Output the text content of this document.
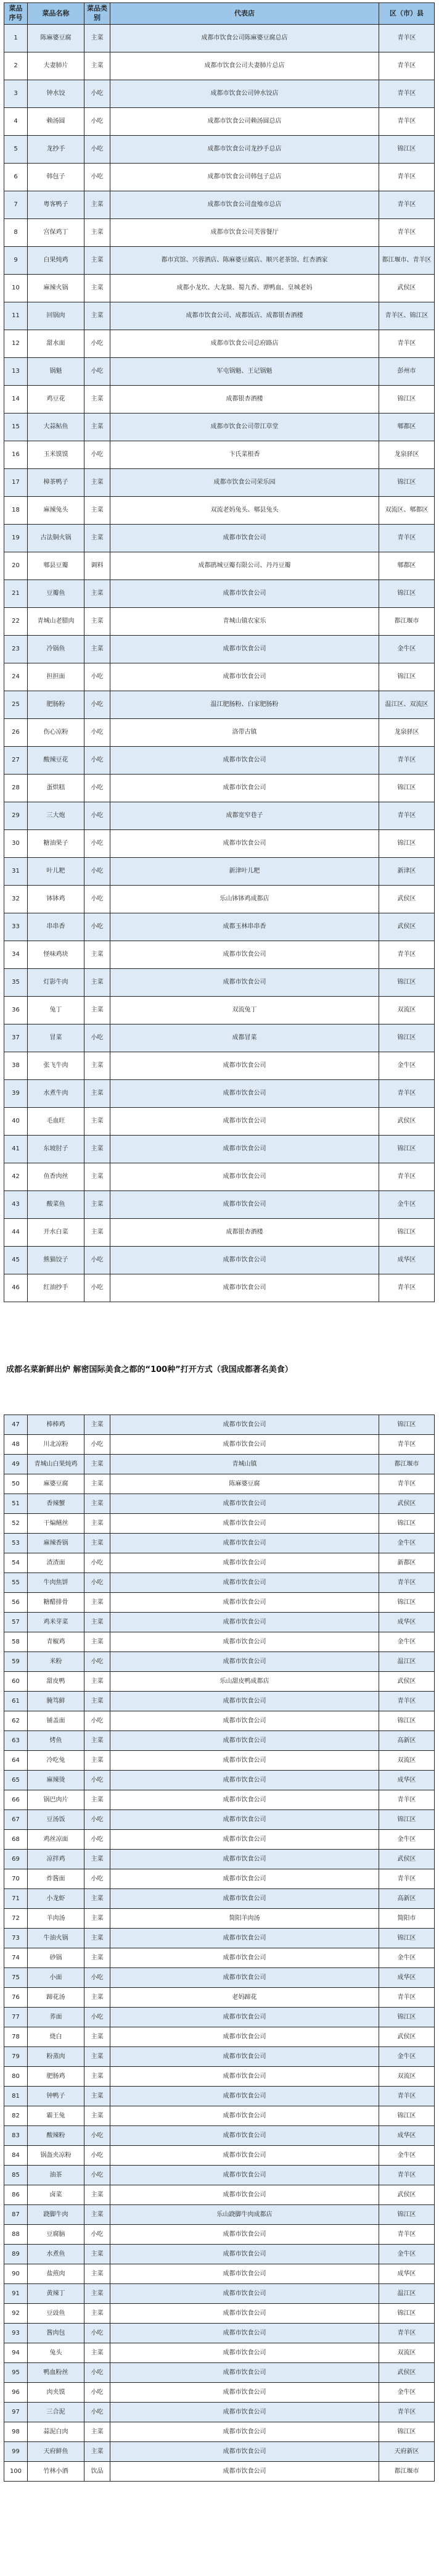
菜品序号	菜品名称	菜品类别	代表店	区（市）县
1	陈麻婆豆腐	主菜	成都市饮食公司陈麻婆豆腐总店	青羊区
2	夫妻肺片	主菜	成都市饮食公司夫妻肺片总店	青羊区
3	钟水饺	小吃	成都市饮食公司钟水饺店	青羊区
4	赖汤圆	小吃	成都市饮食公司赖汤圆总店	青羊区
5	龙抄手	小吃	成都市饮食公司龙抄手总店	锦江区
6	韩包子	小吃	成都市饮食公司韩包子总店	青羊区
7	粤客鸭子	主菜	成都市饮食公司盘飧市总店	青羊区
8	宫保鸡丁	主菜	成都市饮食公司芙蓉餐厅	青羊区
9	白果炖鸡	主菜	都市宾馆、兴蓉酒店、陈麻婆豆腐店、顺兴老茶馆、红杏酒家	都江堰市、青羊区
10	麻辣火锅	主菜	成都小龙坎、大龙燚、蜀九香、谭鸭血、皇城老妈	武侯区
11	回锅肉	主菜	成都市饮食公司、成都饭店、成都银杏酒楼	青羊区、锦江区
12	甜水面	小吃	成都市饮食公司总府路店	青羊区
13	锅魁	小吃	军屯锅魁、王记锅魁	彭州市
14	鸡豆花	主菜	成都银杏酒楼	锦江区
15	大蒜鲇鱼	主菜	成都市饮食公司带江草堂	郫都区
16	玉米馍馍	小吃	卞氏菜根香	龙泉驿区
17	樟茶鸭子	主菜	成都市饮食公司荣乐园	锦江区
18	麻辣兔头	主菜	双流老妈兔头、郫县兔头	双流区、郫都区
19	古法铜火锅	主菜	成都市饮食公司	青羊区
20	郫县豆瓣	调料	成都鹃城豆瓣有限公司、丹丹豆瓣	郫都区
21	豆瓣鱼	主菜	成都市饮食公司	锦江区
22	青城山老腊肉	主菜	青城山镇农家乐	都江堰市
23	冷锅鱼	主菜	成都市饮食公司	金牛区
24	担担面	小吃	成都市饮食公司	锦江区
25	肥肠粉	小吃	温江肥肠粉、白家肥肠粉	温江区、双流区
26	伤心凉粉	小吃	洛带古镇	龙泉驿区
27	酸辣豆花	小吃	成都市饮食公司	青羊区
28	蛋烘糕	小吃	成都市饮食公司	锦江区
29	三大炮	小吃	成都宽窄巷子	青羊区
30	糖油果子	小吃	成都市饮食公司	锦江区
31	叶儿粑	小吃	新津叶儿粑	新津区
32	钵钵鸡	小吃	乐山钵钵鸡成都店	武侯区
33	串串香	小吃	成都玉林串串香	武侯区
34	怪味鸡块	主菜	成都市饮食公司	青羊区
35	灯影牛肉	主菜	成都市饮食公司	锦江区
36	兔丁	主菜	双流兔丁	双流区
37	冒菜	小吃	成都冒菜	锦江区
38	张飞牛肉	主菜	成都市饮食公司	金牛区
39	水煮牛肉	主菜	成都市饮食公司	青羊区
40	毛血旺	主菜	成都市饮食公司	武侯区
41	东坡肘子	主菜	成都市饮食公司	锦江区
42	鱼香肉丝	主菜	成都市饮食公司	青羊区
43	酸菜鱼	主菜	成都市饮食公司	金牛区
44	开水白菜	主菜	成都银杏酒楼	锦江区
45	熊猫饺子	小吃	成都市饮食公司	成华区
46	红油抄手	小吃	成都市饮食公司	青羊区
成都名菜新鲜出炉 解密国际美食之都的“100种”打开方式（我国成都著名美食）
47	棒棒鸡	主菜	成都市饮食公司	锦江区
48	川北凉粉	小吃	成都市饮食公司	青羊区
49	青城山白果炖鸡	主菜	青城山镇	都江堰市
50	麻婆豆腐	主菜	陈麻婆豆腐	青羊区
51	香辣蟹	主菜	成都市饮食公司	武侯区
52	干煸鳝丝	主菜	成都市饮食公司	锦江区
53	麻辣香锅	主菜	成都市饮食公司	金牛区
54	渣渣面	小吃	成都市饮食公司	新都区
55	牛肉焦饼	小吃	成都市饮食公司	青羊区
56	糖醋排骨	主菜	成都市饮食公司	锦江区
57	鸡米芽菜	主菜	成都市饮食公司	成华区
58	青椒鸡	主菜	成都市饮食公司	金牛区
59	米粉	小吃	成都市饮食公司	温江区
60	甜皮鸭	主菜	乐山甜皮鸭成都店	武侯区
61	腌笃鲜	主菜	成都市饮食公司	青羊区
62	铺盖面	小吃	成都市饮食公司	锦江区
63	烤鱼	主菜	成都市饮食公司	高新区
64	冷吃兔	主菜	成都市饮食公司	双流区
65	麻辣烫	小吃	成都市饮食公司	成华区
66	锅巴肉片	主菜	成都市饮食公司	青羊区
67	豆汤饭	小吃	成都市饮食公司	锦江区
68	鸡丝凉面	小吃	成都市饮食公司	金牛区
69	凉拌鸡	主菜	成都市饮食公司	武侯区
70	炸酱面	小吃	成都市饮食公司	青羊区
71	小龙虾	主菜	成都市饮食公司	高新区
72	羊肉汤	主菜	简阳羊肉汤	简阳市
73	牛油火锅	主菜	成都市饮食公司	锦江区
74	砂锅	主菜	成都市饮食公司	金牛区
75	小面	小吃	成都市饮食公司	成华区
76	蹄花汤	主菜	老妈蹄花	青羊区
77	荞面	小吃	成都市饮食公司	锦江区
78	烧白	主菜	成都市饮食公司	武侯区
79	粉蒸肉	主菜	成都市饮食公司	金牛区
80	肥肠鸡	主菜	成都市饮食公司	双流区
81	钟鸭子	主菜	成都市饮食公司	青羊区
82	霸王兔	主菜	成都市饮食公司	锦江区
83	酸辣粉	小吃	成都市饮食公司	成华区
84	锅盔夹凉粉	小吃	成都市饮食公司	金牛区
85	油茶	小吃	成都市饮食公司	青羊区
86	卤菜	主菜	成都市饮食公司	武侯区
87	跷脚牛肉	主菜	乐山跷脚牛肉成都店	锦江区
88	豆腐脑	小吃	成都市饮食公司	青羊区
89	水煮鱼	主菜	成都市饮食公司	金牛区
90	盐煎肉	主菜	成都市饮食公司	成华区
91	黄辣丁	主菜	成都市饮食公司	温江区
92	豆豉鱼	主菜	成都市饮食公司	锦江区
93	酱肉包	小吃	成都市饮食公司	青羊区
94	兔头	主菜	成都市饮食公司	双流区
95	鸭血粉丝	小吃	成都市饮食公司	武侯区
96	肉夹馍	小吃	成都市饮食公司	金牛区
97	三合泥	小吃	成都市饮食公司	青羊区
98	蒜泥白肉	主菜	成都市饮食公司	锦江区
99	天府鲜鱼	主菜	成都市饮食公司	天府新区
100	竹林小酒	饮品	成都市饮食公司	都江堰市
